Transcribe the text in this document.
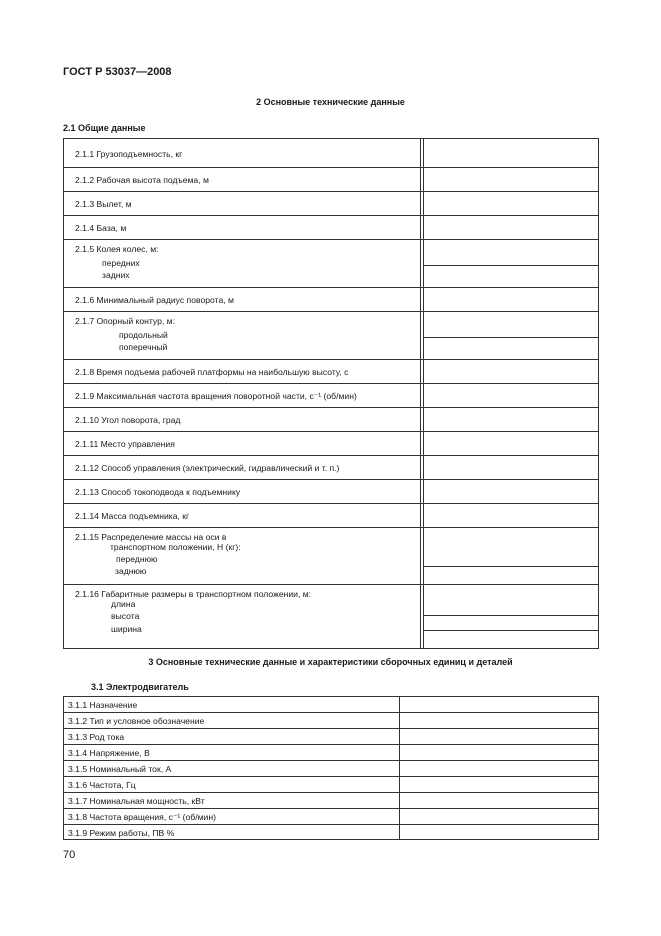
ГОСТ Р 53037—2008
2 Основные технические данные
2.1 Общие данные
2.1.1 Грузоподъемность, кг
2.1.2 Рабочая высота подъема, м
2.1.3 Вылет, м
2.1.4 База, м
2.1.5 Колея колес, м:
передних
задних
2.1.6 Минимальный радиус поворота, м
2.1.7 Опорный контур, м:
продольный
поперечный
2.1.8 Время подъема рабочей платформы на наибольшую высоту, с
2.1.9 Максимальная частота вращения поворотной части, с⁻¹ (об/мин)
2.1.10 Угол поворота, град
2.1.11 Место управления
2.1.12 Способ управления (электрический, гидравлический и т. п.)
2.1.13 Способ токоподвода к подъемнику
2.1.14 Масса подъемника, кг
2.1.15 Распределение массы на оси в
транспортном положении, Н (кг):
переднюю
заднюю
2.1.16 Габаритные размеры в транспортном положении, м:
длина
высота
ширина
3 Основные технические данные и характеристики сборочных единиц и деталей
3.1 Электродвигатель
3.1.1 Назначение
3.1.2 Тип и условное обозначение
3.1.3 Род тока
3.1.4 Напряжение, В
3.1.5 Номинальный ток, А
3.1.6 Частота, Гц
3.1.7 Номинальная мощность, кВт
3.1.8 Частота вращения, с⁻¹ (об/мин)
3.1.9 Режим работы, ПВ %
70
